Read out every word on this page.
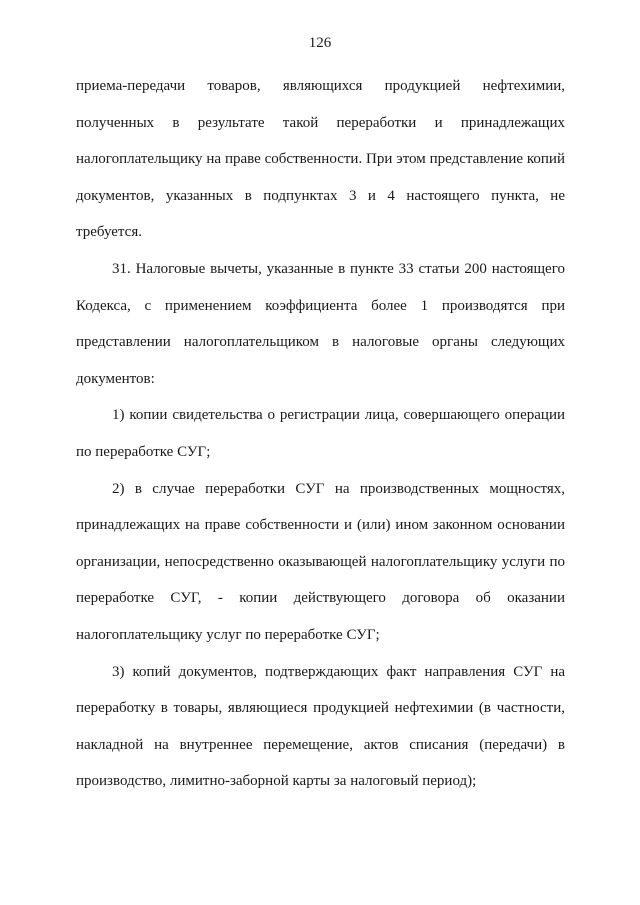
126

приема-передачи товаров, являющихся продукцией нефтехимии, полученных в результате такой переработки и принадлежащих налогоплательщику на праве собственности. При этом представление копий документов, указанных в подпунктах 3 и 4 настоящего пункта, не требуется.

31. Налоговые вычеты, указанные в пункте 33 статьи 200 настоящего Кодекса, с применением коэффициента более 1 производятся при представлении налогоплательщиком в налоговые органы следующих документов:

1) копии свидетельства о регистрации лица, совершающего операции по переработке СУГ;

2) в случае переработки СУГ на производственных мощностях, принадлежащих на праве собственности и (или) ином законном основании организации, непосредственно оказывающей налогоплательщику услуги по переработке СУГ, - копии действующего договора об оказании налогоплательщику услуг по переработке СУГ;

3) копий документов, подтверждающих факт направления СУГ на переработку в товары, являющиеся продукцией нефтехимии (в частности, накладной на внутреннее перемещение, актов списания (передачи) в производство, лимитно-заборной карты за налоговый период);
